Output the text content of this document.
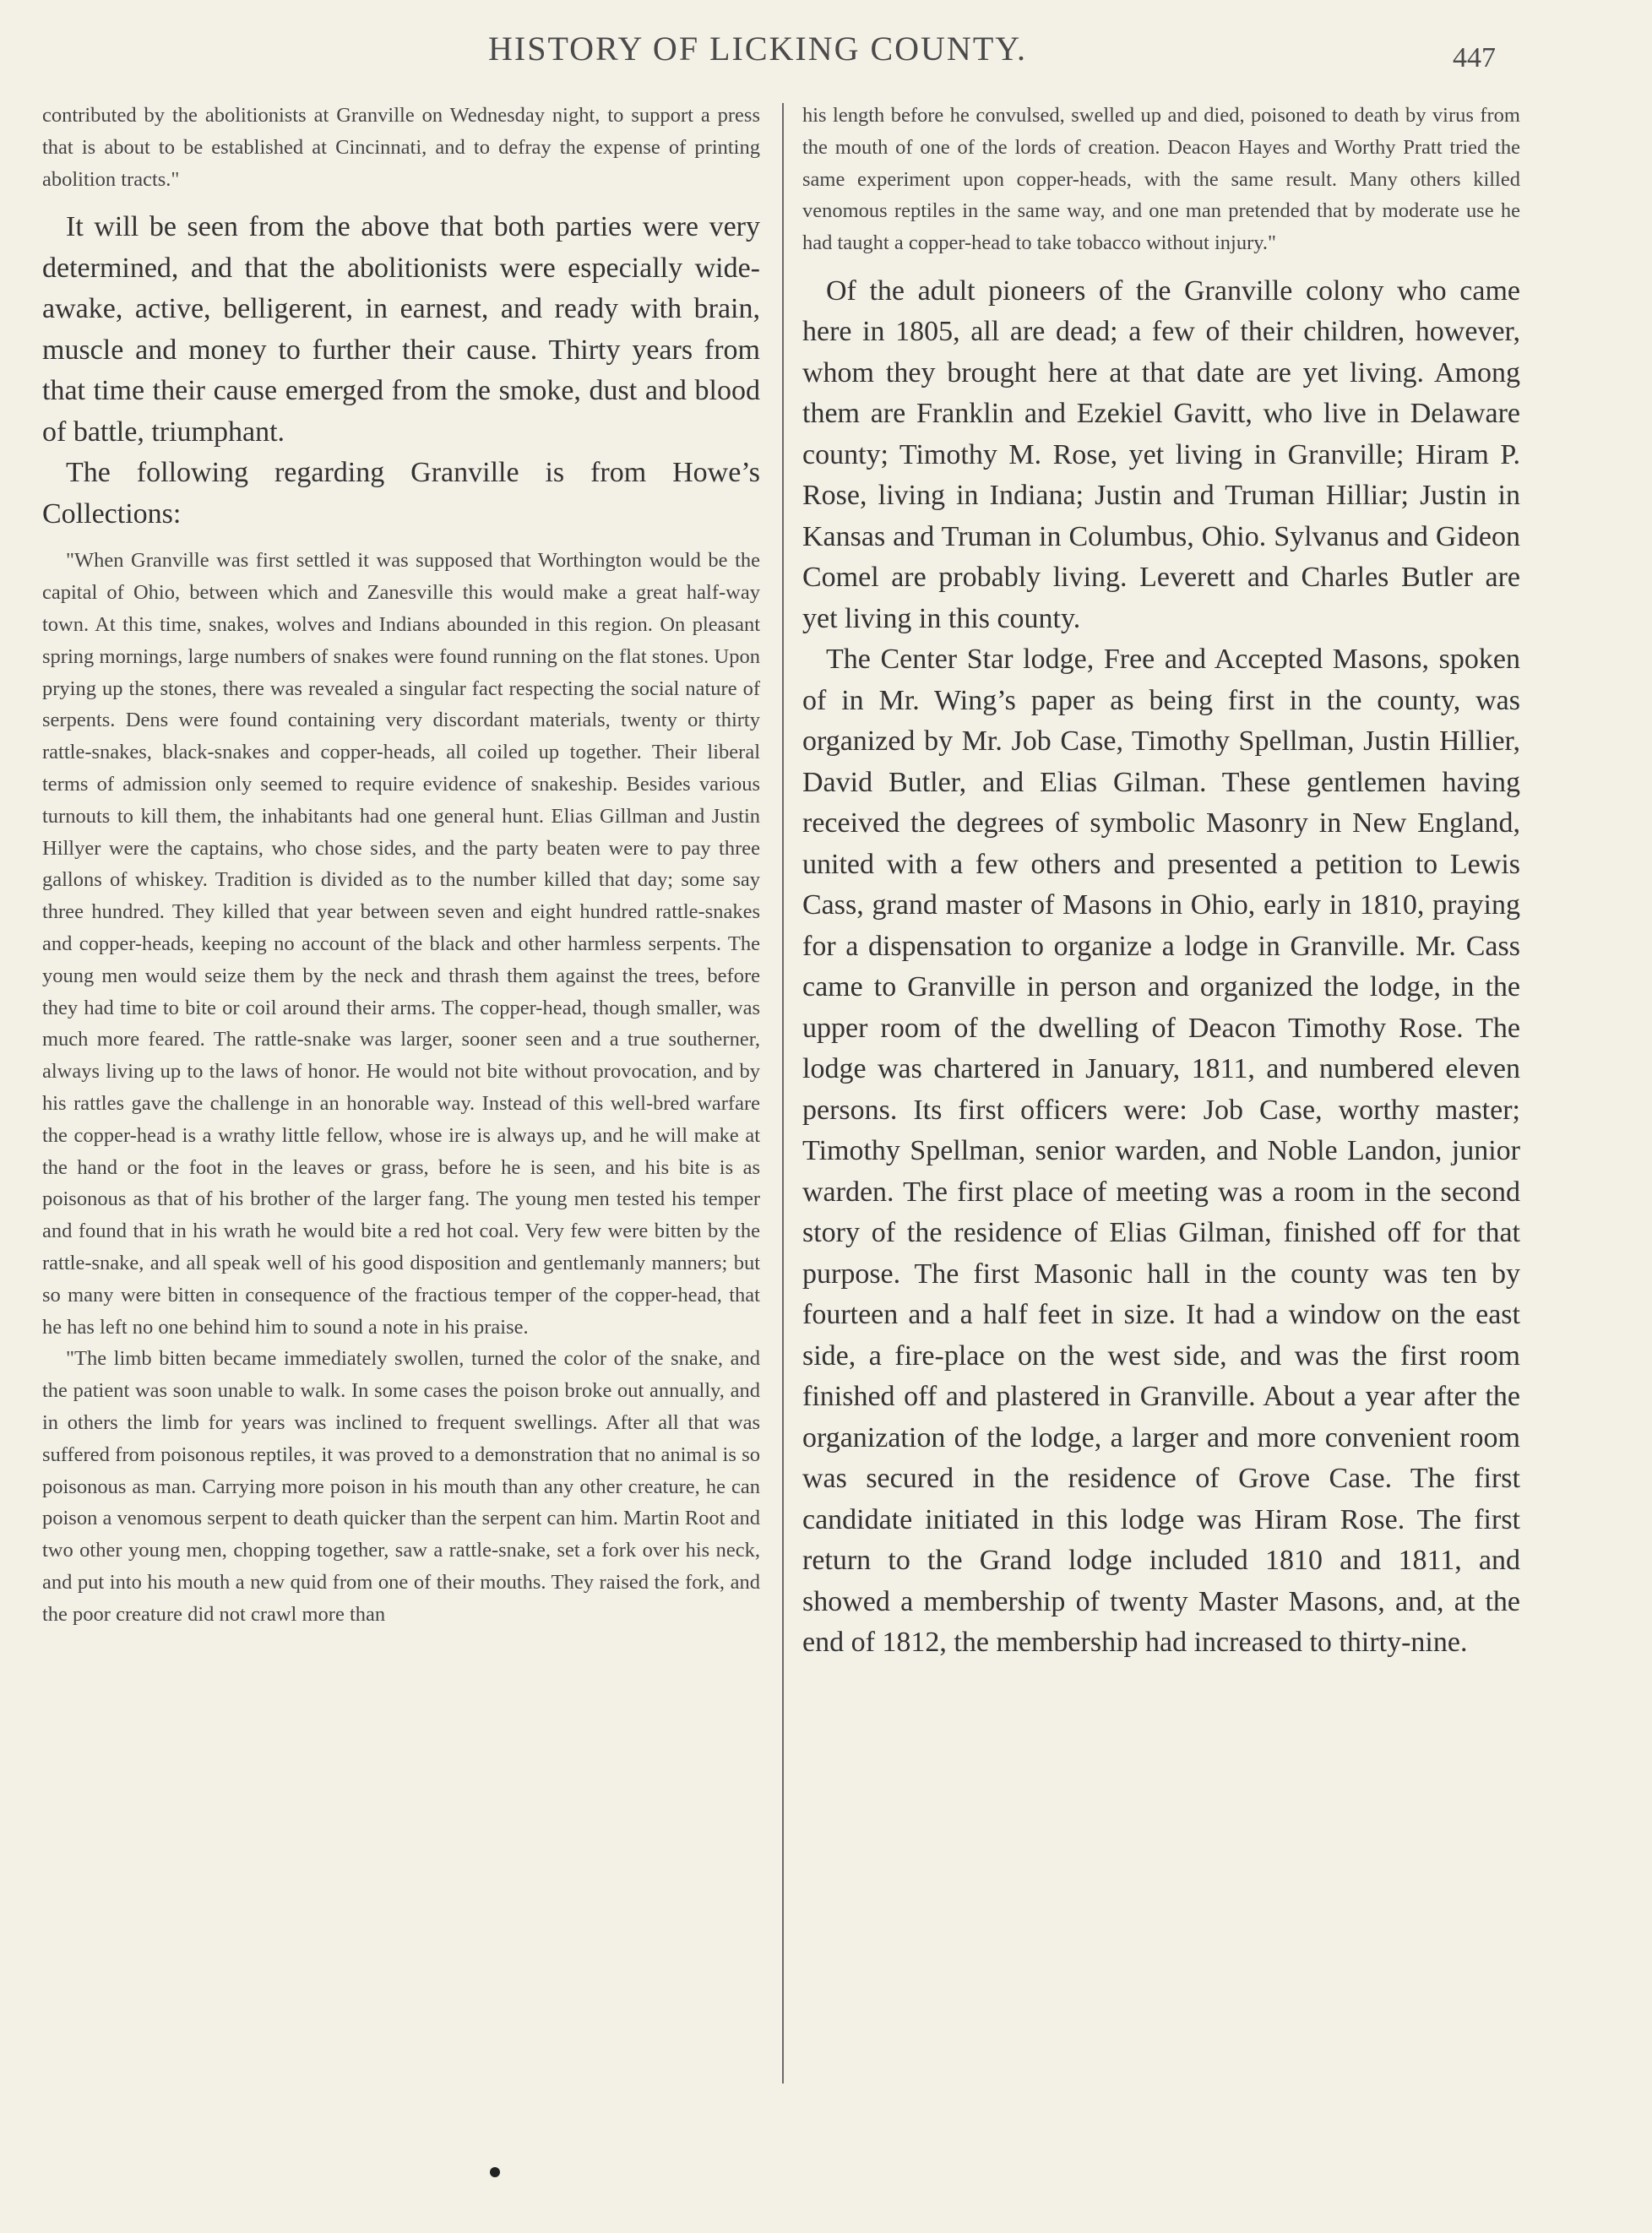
HISTORY OF LICKING COUNTY.	447

contributed by the abolitionists at Granville on Wednesday night, to support a press that is about to be established at Cincinnati, and to defray the expense of printing abolition tracts."

It will be seen from the above that both parties were very determined, and that the abolitionists were especially wide-awake, active, belligerent, in earnest, and ready with brain, muscle and money to further their cause. Thirty years from that time their cause emerged from the smoke, dust and blood of battle, triumphant.

The following regarding Granville is from Howe’s Collections:

"When Granville was first settled it was supposed that Worthington would be the capital of Ohio, between which and Zanesville this would make a great half-way town. At this time, snakes, wolves and Indians abounded in this region. On pleasant spring mornings, large numbers of snakes were found running on the flat stones. Upon prying up the stones, there was revealed a singular fact respecting the social nature of serpents. Dens were found containing very discordant materials, twenty or thirty rattle-snakes, black-snakes and copper-heads, all coiled up together. Their liberal terms of admission only seemed to require evidence of snakeship. Besides various turnouts to kill them, the inhabitants had one general hunt. Elias Gillman and Justin Hillyer were the captains, who chose sides, and the party beaten were to pay three gallons of whiskey. Tradition is divided as to the number killed that day; some say three hundred. They killed that year between seven and eight hundred rattle-snakes and copper-heads, keeping no account of the black and other harmless serpents. The young men would seize them by the neck and thrash them against the trees, before they had time to bite or coil around their arms. The copper-head, though smaller, was much more feared. The rattle-snake was larger, sooner seen and a true southerner, always living up to the laws of honor. He would not bite without provocation, and by his rattles gave the challenge in an honorable way. Instead of this well-bred warfare the copper-head is a wrathy little fellow, whose ire is always up, and he will make at the hand or the foot in the leaves or grass, before he is seen, and his bite is as poisonous as that of his brother of the larger fang. The young men tested his temper and found that in his wrath he would bite a red hot coal. Very few were bitten by the rattle-snake, and all speak well of his good disposition and gentlemanly manners; but so many were bitten in consequence of the fractious temper of the copper-head, that he has left no one behind him to sound a note in his praise.

"The limb bitten became immediately swollen, turned the color of the snake, and the patient was soon unable to walk. In some cases the poison broke out annually, and in others the limb for years was inclined to frequent swellings. After all that was suffered from poisonous reptiles, it was proved to a demonstration that no animal is so poisonous as man. Carrying more poison in his mouth than any other creature, he can poison a venomous serpent to death quicker than the serpent can him. Martin Root and two other young men, chopping together, saw a rattle-snake, set a fork over his neck, and put into his mouth a new quid from one of their mouths. They raised the fork, and the poor creature did not crawl more than

his length before he convulsed, swelled up and died, poisoned to death by virus from the mouth of one of the lords of creation. Deacon Hayes and Worthy Pratt tried the same experiment upon copper-heads, with the same result. Many others killed venomous reptiles in the same way, and one man pretended that by moderate use he had taught a copper-head to take tobacco without injury."

Of the adult pioneers of the Granville colony who came here in 1805, all are dead; a few of their children, however, whom they brought here at that date are yet living. Among them are Franklin and Ezekiel Gavitt, who live in Delaware county; Timothy M. Rose, yet living in Granville; Hiram P. Rose, living in Indiana; Justin and Truman Hilliar; Justin in Kansas and Truman in Columbus, Ohio. Sylvanus and Gideon Comel are probably living. Leverett and Charles Butler are yet living in this county.

The Center Star lodge, Free and Accepted Masons, spoken of in Mr. Wing’s paper as being first in the county, was organized by Mr. Job Case, Timothy Spellman, Justin Hillier, David Butler, and Elias Gilman. These gentlemen having received the degrees of symbolic Masonry in New England, united with a few others and presented a petition to Lewis Cass, grand master of Masons in Ohio, early in 1810, praying for a dispensation to organize a lodge in Granville. Mr. Cass came to Granville in person and organized the lodge, in the upper room of the dwelling of Deacon Timothy Rose. The lodge was chartered in January, 1811, and numbered eleven persons. Its first officers were: Job Case, worthy master; Timothy Spellman, senior warden, and Noble Landon, junior warden. The first place of meeting was a room in the second story of the residence of Elias Gilman, finished off for that purpose. The first Masonic hall in the county was ten by fourteen and a half feet in size. It had a window on the east side, a fire-place on the west side, and was the first room finished off and plastered in Granville. About a year after the organization of the lodge, a larger and more convenient room was secured in the residence of Grove Case. The first candidate initiated in this lodge was Hiram Rose. The first return to the Grand lodge included 1810 and 1811, and showed a membership of twenty Master Masons, and, at the end of 1812, the membership had increased to thirty-nine.
